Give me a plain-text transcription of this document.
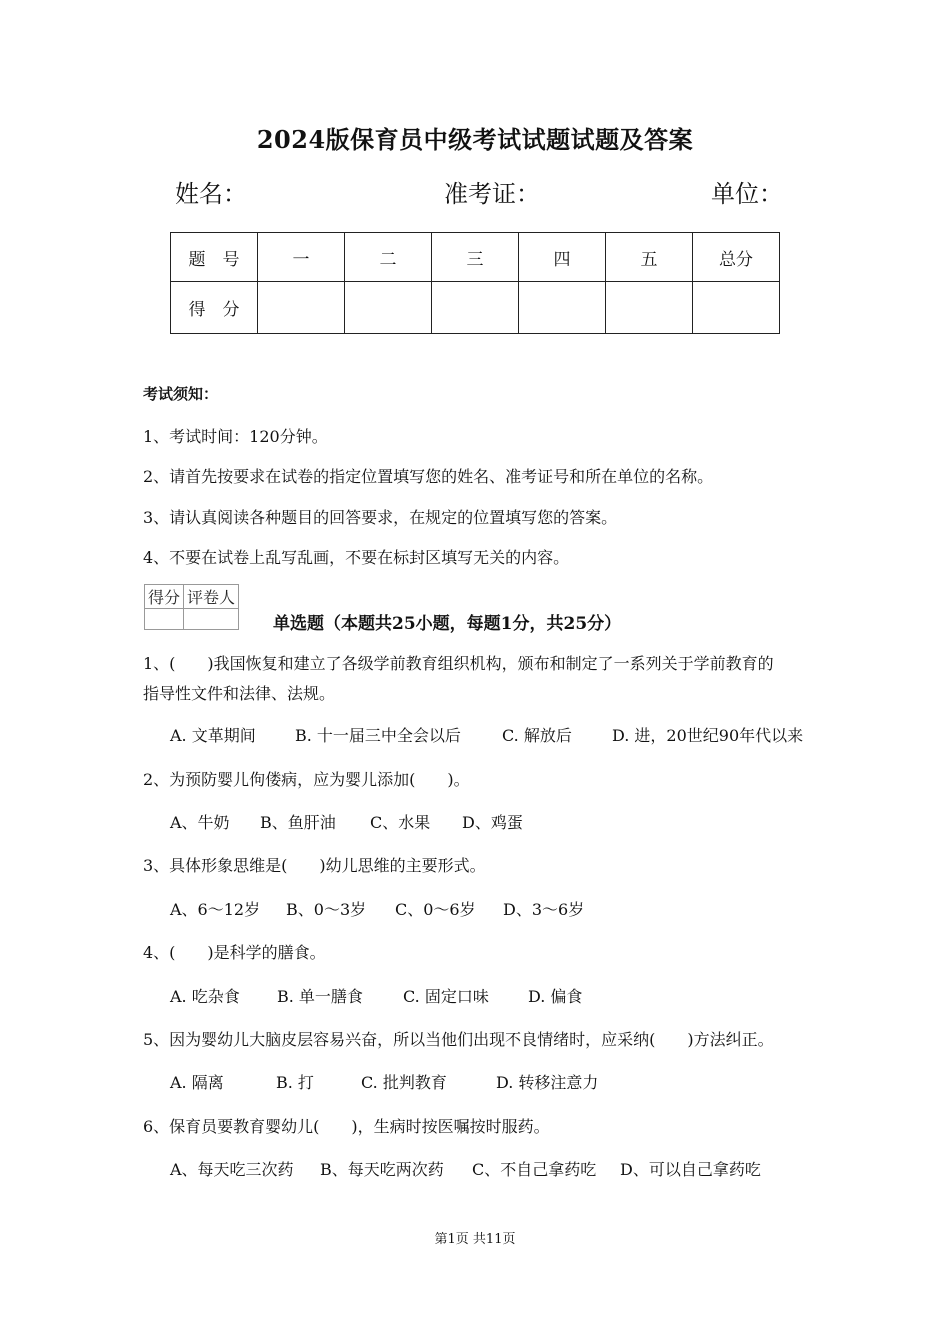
2024版保育员中级考试试题试题及答案
姓名：	准考证：	单位：
题　号	一	二	三	四	五	总分
得　分						
考试须知：
1、考试时间：120分钟。
2、请首先按要求在试卷的指定位置填写您的姓名、准考证号和所在单位的名称。
3、请认真阅读各种题目的回答要求，在规定的位置填写您的答案。
4、不要在试卷上乱写乱画，不要在标封区填写无关的内容。
得分	评卷人

单选题（本题共25小题，每题1分，共25分）
1、(　　)我国恢复和建立了各级学前教育组织机构，颁布和制定了一系列关于学前教育的
指导性文件和法律、法规。
A. 文革期间 B. 十一届三中全会以后	C. 解放后	D. 进，20世纪90年代以来
2、为预防婴儿佝偻病，应为婴儿添加(　　)。
A、牛奶 B、鱼肝油 C、水果 D、鸡蛋
3、具体形象思维是(　　)幼儿思维的主要形式。
A、6～12岁 B、0～3岁 C、0～6岁 D、3～6岁
4、(　　)是科学的膳食。
A. 吃杂食 B. 单一膳食	C. 固定口味 D. 偏食
5、因为婴幼儿大脑皮层容易兴奋，所以当他们出现不良情绪时，应采纳(　　)方法纠正。
A. 隔离	B. 打	C. 批判教育	D. 转移注意力
6、保育员要教育婴幼儿(　　)，生病时按医嘱按时服药。
A、每天吃三次药 B、每天吃两次药 C、不自己拿药吃 D、可以自己拿药吃
第1页 共11页
